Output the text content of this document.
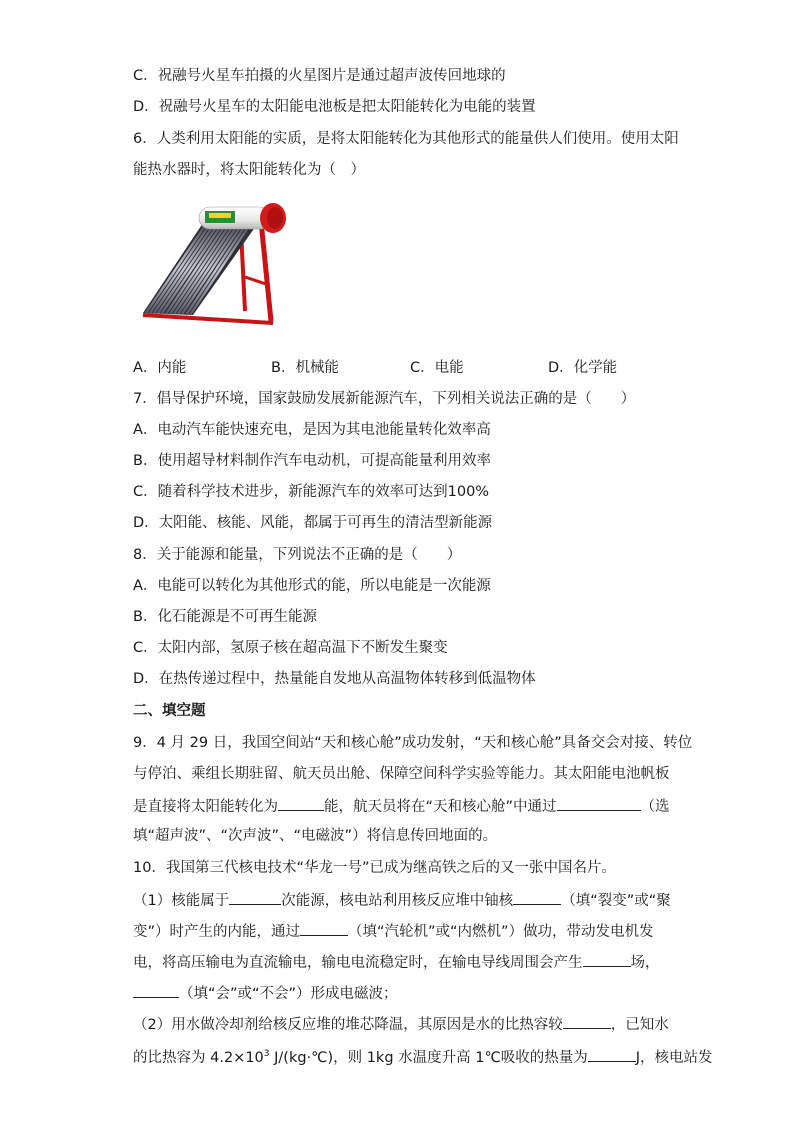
C．祝融号火星车拍摄的火星图片是通过超声波传回地球的
D．祝融号火星车的太阳能电池板是把太阳能转化为电能的装置
6．人类利用太阳能的实质，是将太阳能转化为其他形式的能量供人们使用。使用太阳
能热水器时，将太阳能转化为（　）
A．内能	B．机械能	C．电能	D．化学能
7．倡导保护环境，国家鼓励发展新能源汽车，下列相关说法正确的是（　　）
A．电动汽车能快速充电，是因为其电池能量转化效率高
B．使用超导材料制作汽车电动机，可提高能量利用效率
C．随着科学技术进步，新能源汽车的效率可达到100%
D．太阳能、核能、风能，都属于可再生的清洁型新能源
8．关于能源和能量，下列说法不正确的是（　　）
A．电能可以转化为其他形式的能，所以电能是一次能源
B．化石能源是不可再生能源
C．太阳内部，氢原子核在超高温下不断发生聚变
D．在热传递过程中，热量能自发地从高温物体转移到低温物体
二、填空题
9．4 月 29 日，我国空间站“天和核心舱”成功发射，“天和核心舱”具备交会对接、转位
与停泊、乘组长期驻留、航天员出舱、保障空间科学实验等能力。其太阳能电池帆板
是直接将太阳能转化为	能，航天员将在“天和核心舱”中通过	（选
填“超声波”、“次声波”、“电磁波”）将信息传回地面的。
10．我国第三代核电技术“华龙一号”已成为继高铁之后的又一张中国名片。
（1）核能属于	次能源，核电站利用核反应堆中铀核	（填“裂变”或“聚
变”）时产生的内能，通过	（填“汽轮机”或“内燃机”）做功，带动发电机发
电，将高压输电为直流输电，输电电流稳定时，在输电导线周围会产生	场，
（填“会”或“不会”）形成电磁波；
（2）用水做冷却剂给核反应堆的堆芯降温，其原因是水的比热容较	，已知水
的比热容为 $4.2\times 10^3$ J/(kg·℃)，则 1kg 水温度升高 1℃吸收的热量为	J，核电站发
